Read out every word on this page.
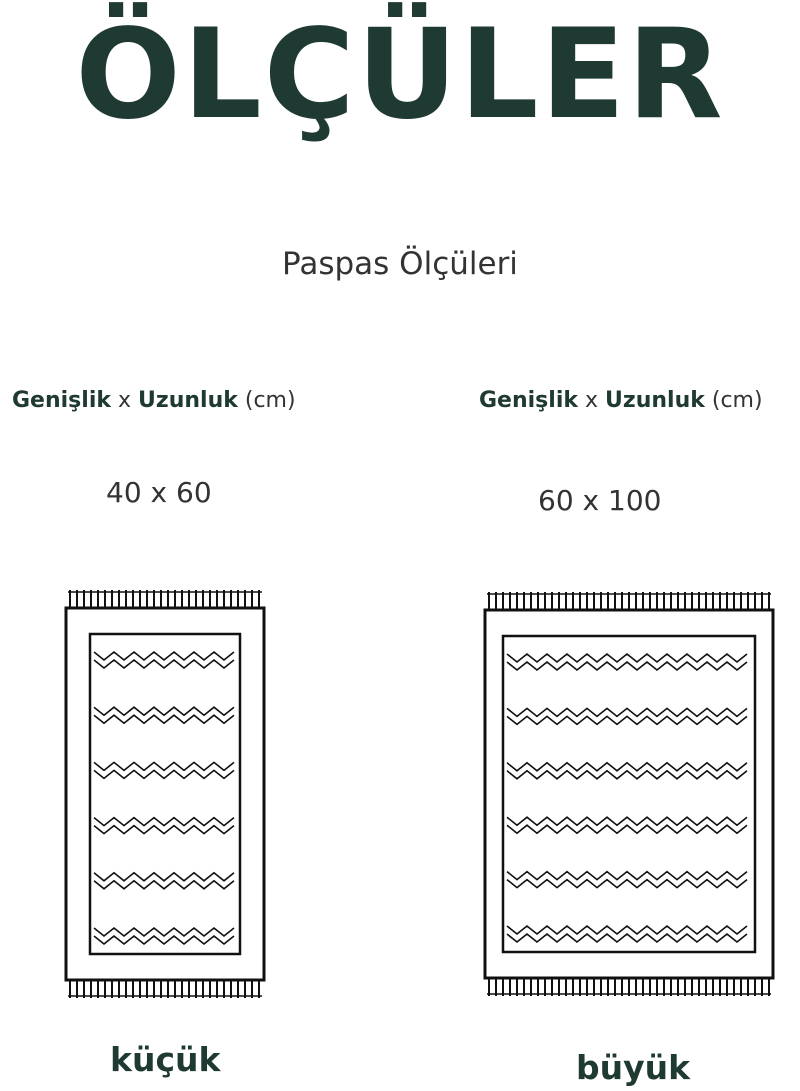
ÖLÇÜLER
Paspas Ölçüleri
Genişlik x Uzunluk (cm)
40 x 60
küçük
Genişlik x Uzunluk (cm)
60 x 100
büyük
